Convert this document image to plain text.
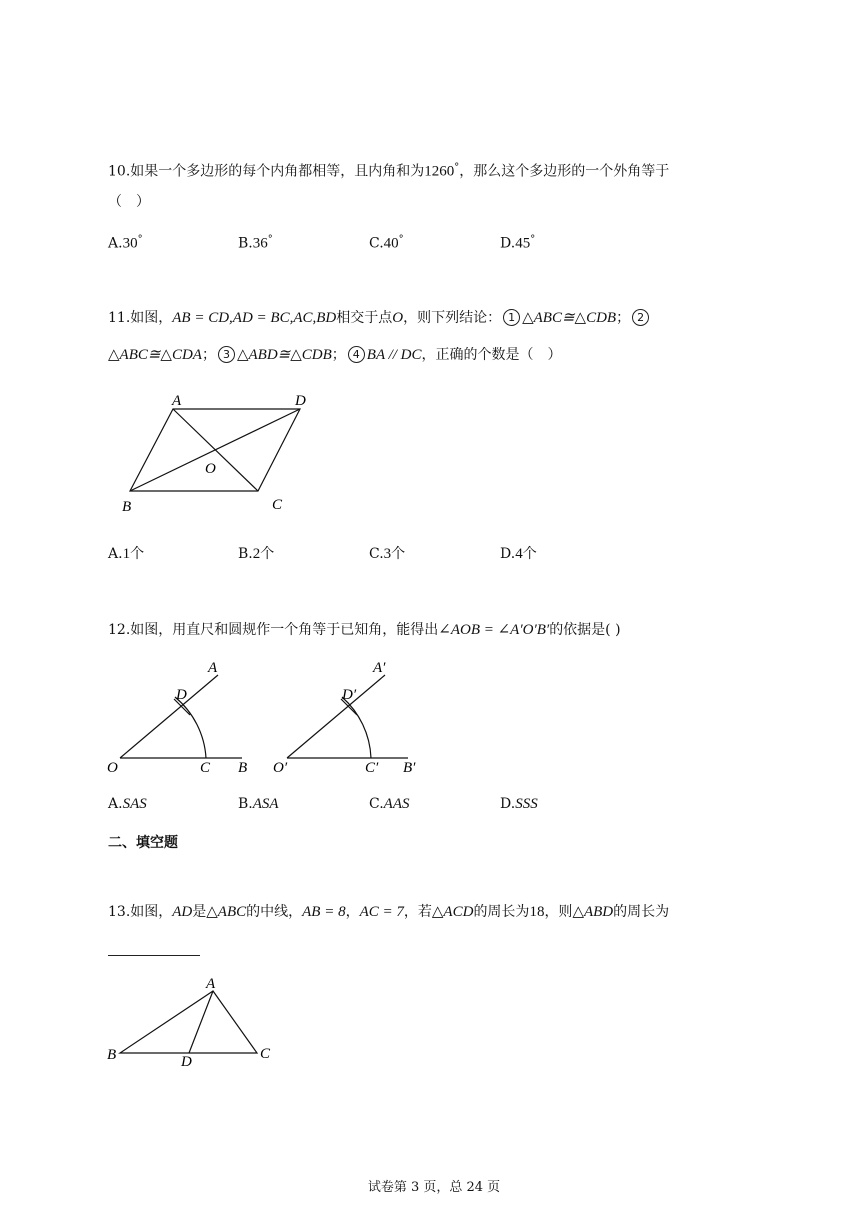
10.如果一个多边形的每个内角都相等，且内角和为1260°，那么这个多边形的一个外角等于
（　）
A.30°	B.36°	C.40°	D.45°
11.如图，AB = CD,AD = BC,AC,BD相交于点O，则下列结论： 1 △ABC≅△CDB； 2
△ABC≅△CDA； 3 △ABD≅△CDB； 4 BA // DC，正确的个数是（　）
A	D
O
B	C
A.1个	B.2个	C.3个	D.4个
12.如图，用直尺和圆规作一个角等于已知角，能得出∠AOB = ∠A′O′B′的依据是( )
A
D
O	C B
A′
D′
O′	C′ B′
A.SAS	B.ASA	C.AAS	D.SSS
二、填空题
13.如图，AD是△ABC的中线，AB = 8，AC = 7，若△ACD的周长为18，则△ABD的周长为
A
B	D	C
试卷第 3 页，总 24 页
